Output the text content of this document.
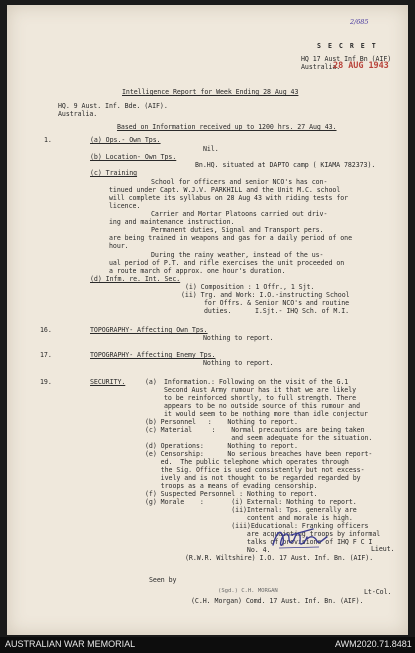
2/685
S E C R E T
HQ 17 Aust Inf Bn (AIF)
Australia.
28 AUG 1943
Intelligence Report for Week Ending 28 Aug 43
HQ. 9 Aust. Inf. Bde. (AIF).
Australia.
Based on Information received up to 1200 hrs. 27 Aug 43.
1.	(a) Ops.- Own Tps.
Nil.
(b) Location- Own Tps.
Bn.HQ. situated at DAPTO camp ( KIAMA 782373).
(c) Training
School for officers and senior NCO's has con-
tinued under Capt. W.J.V. PARKHILL and the Unit M.C. school
will complete its syllabus on 28 Aug 43 with riding tests for
licence.
Carrier and Mortar Platoons carried out driv-
ing and maintenance instruction.
Permanent duties, Signal and Transport pers.
are being trained in weapons and gas for a daily period of one
hour.
During the rainy weather, instead of the us-
ual period of P.T. and rifle exercises the unit proceeded on
a route march of approx. one hour's duration.
(d) Infm. re. Int. Sec.
(i) Composition : 1 Offr., 1 Sjt.
(ii) Trg. and Work: I.O.-instructing School
for Offrs. & Senior NCO's and routine
duties.      I.Sjt.- IHQ Sch. of M.I.
16.	TOPOGRAPHY- Affecting Own Tps.
Nothing to report.
17.	TOPOGRAPHY- Affecting Enemy Tps.
Nothing to report.
19.	SECURITY.	(a) Information.: Following on the visit of the G.1
Second Aust Army rumour has it that we are likely
to be reinforced shortly, to full strength. There
appears to be no outside source of this rumour and
it would seem to be nothing more than idle conjectur
(b) Personnel   :    Nothing to report.
(c) Material     :    Normal precautions are being taken
and seem adequate for the situation.
(d) Operations:      Nothing to report.
(e) Censorship:      No serious breaches have been report-
ed.  The public telephone which operates through
the Sig. Office is used consistently but not excess-
ively and is not thought to be regarded regarded by
troops as a means of evading censorship.
(f) Suspected Personnel : Nothing to report.
(g) Morale    :       (i) External: Nothing to report.
(ii)Internal: Tps. generally are
content and morale is high.
(iii)Educational: Franking officers
are acquainting troops by informal
talks of provisions of IHQ F C I
No. 4.	Lieut.
(R.W.R. Wiltshire) I.O. 17 Aust. Inf. Bn. (AIF).
Seen by
(Sgd.) C.H. MORGAN	Lt-Col.
(C.H. Morgan) Comd. 17 Aust. Inf. Bn. (AIF).
AUSTRALIAN WAR MEMORIAL	AWM2020.71.8481
